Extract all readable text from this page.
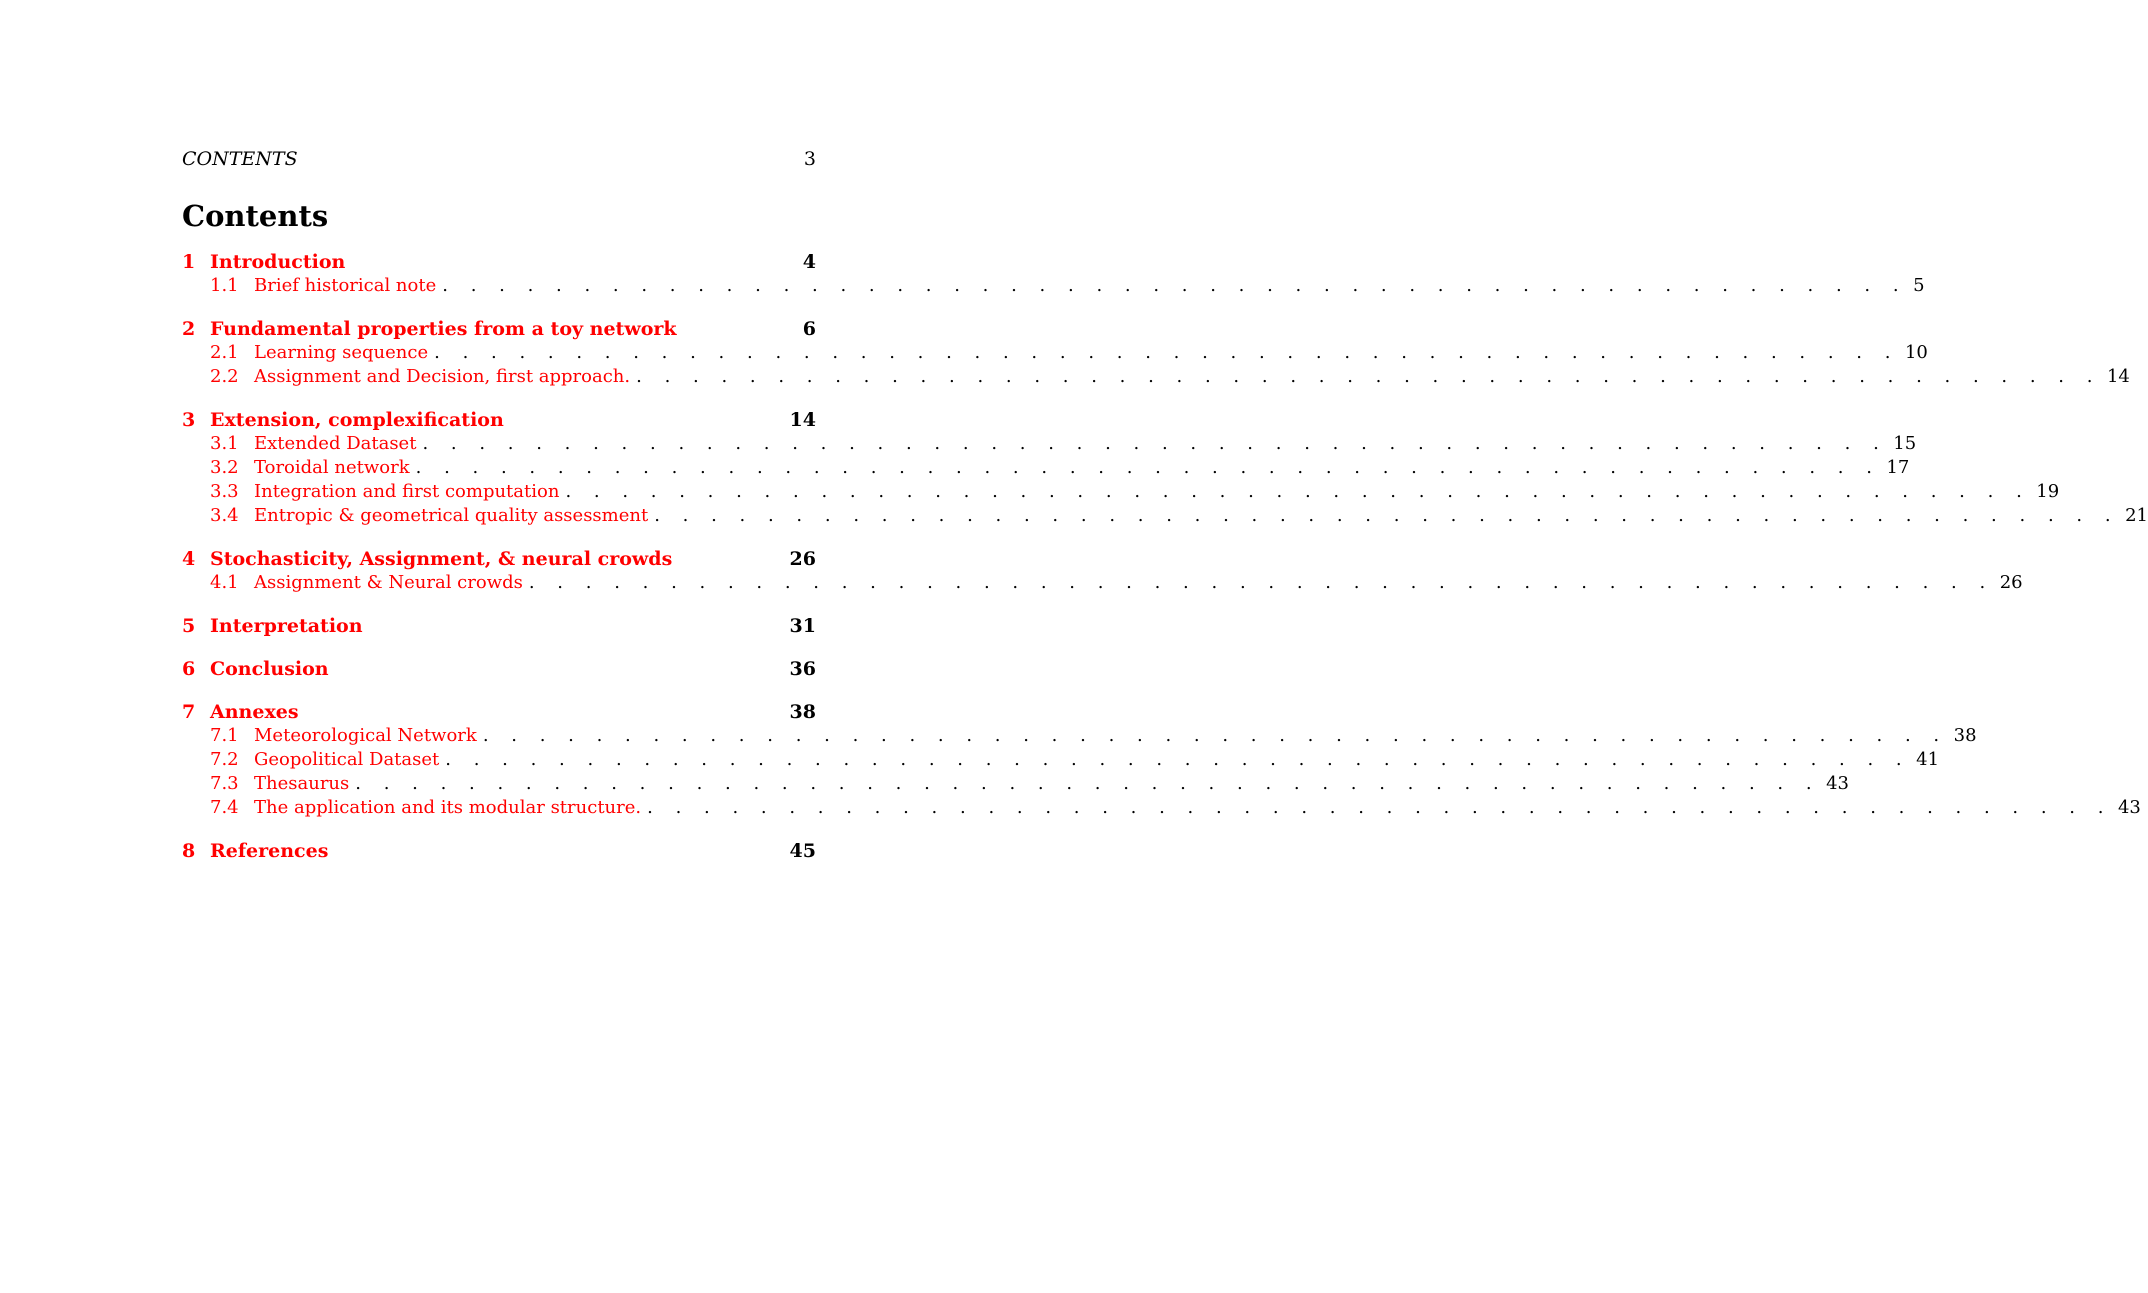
CONTENTS	3
Contents
1 Introduction	4
1.1 Brief historical note . . . . . . . . . . . . . . . . . . . . . . . . . . . . . . . . . . . . . . . . . . . . . . . . . . . . 5
2 Fundamental properties from a toy network	6
2.1 Learning sequence . . . . . . . . . . . . . . . . . . . . . . . . . . . . . . . . . . . . . . . . . . . . . . . . . . . . 10
2.2 Assignment and Decision, first approach. . . . . . . . . . . . . . . . . . . . . . . . . . . . . . . . . . . . . . . . . . . . . . . . . . . . . 14
3 Extension, complexification	14
3.1 Extended Dataset . . . . . . . . . . . . . . . . . . . . . . . . . . . . . . . . . . . . . . . . . . . . . . . . . . . . 15
3.2 Toroidal network . . . . . . . . . . . . . . . . . . . . . . . . . . . . . . . . . . . . . . . . . . . . . . . . . . . . 17
3.3 Integration and first computation . . . . . . . . . . . . . . . . . . . . . . . . . . . . . . . . . . . . . . . . . . . . . . . . . . . . 19
3.4 Entropic & geometrical quality assessment . . . . . . . . . . . . . . . . . . . . . . . . . . . . . . . . . . . . . . . . . . . . . . . . . . . . 21
4 Stochasticity, Assignment, & neural crowds	26
4.1 Assignment & Neural crowds . . . . . . . . . . . . . . . . . . . . . . . . . . . . . . . . . . . . . . . . . . . . . . . . . . . . 26
5 Interpretation	31
6 Conclusion	36
7 Annexes	38
7.1 Meteorological Network . . . . . . . . . . . . . . . . . . . . . . . . . . . . . . . . . . . . . . . . . . . . . . . . . . . . 38
7.2 Geopolitical Dataset . . . . . . . . . . . . . . . . . . . . . . . . . . . . . . . . . . . . . . . . . . . . . . . . . . . . 41
7.3 Thesaurus . . . . . . . . . . . . . . . . . . . . . . . . . . . . . . . . . . . . . . . . . . . . . . . . . . . . 43
7.4 The application and its modular structure. . . . . . . . . . . . . . . . . . . . . . . . . . . . . . . . . . . . . . . . . . . . . . . . . . . . . 43
8 References	45
